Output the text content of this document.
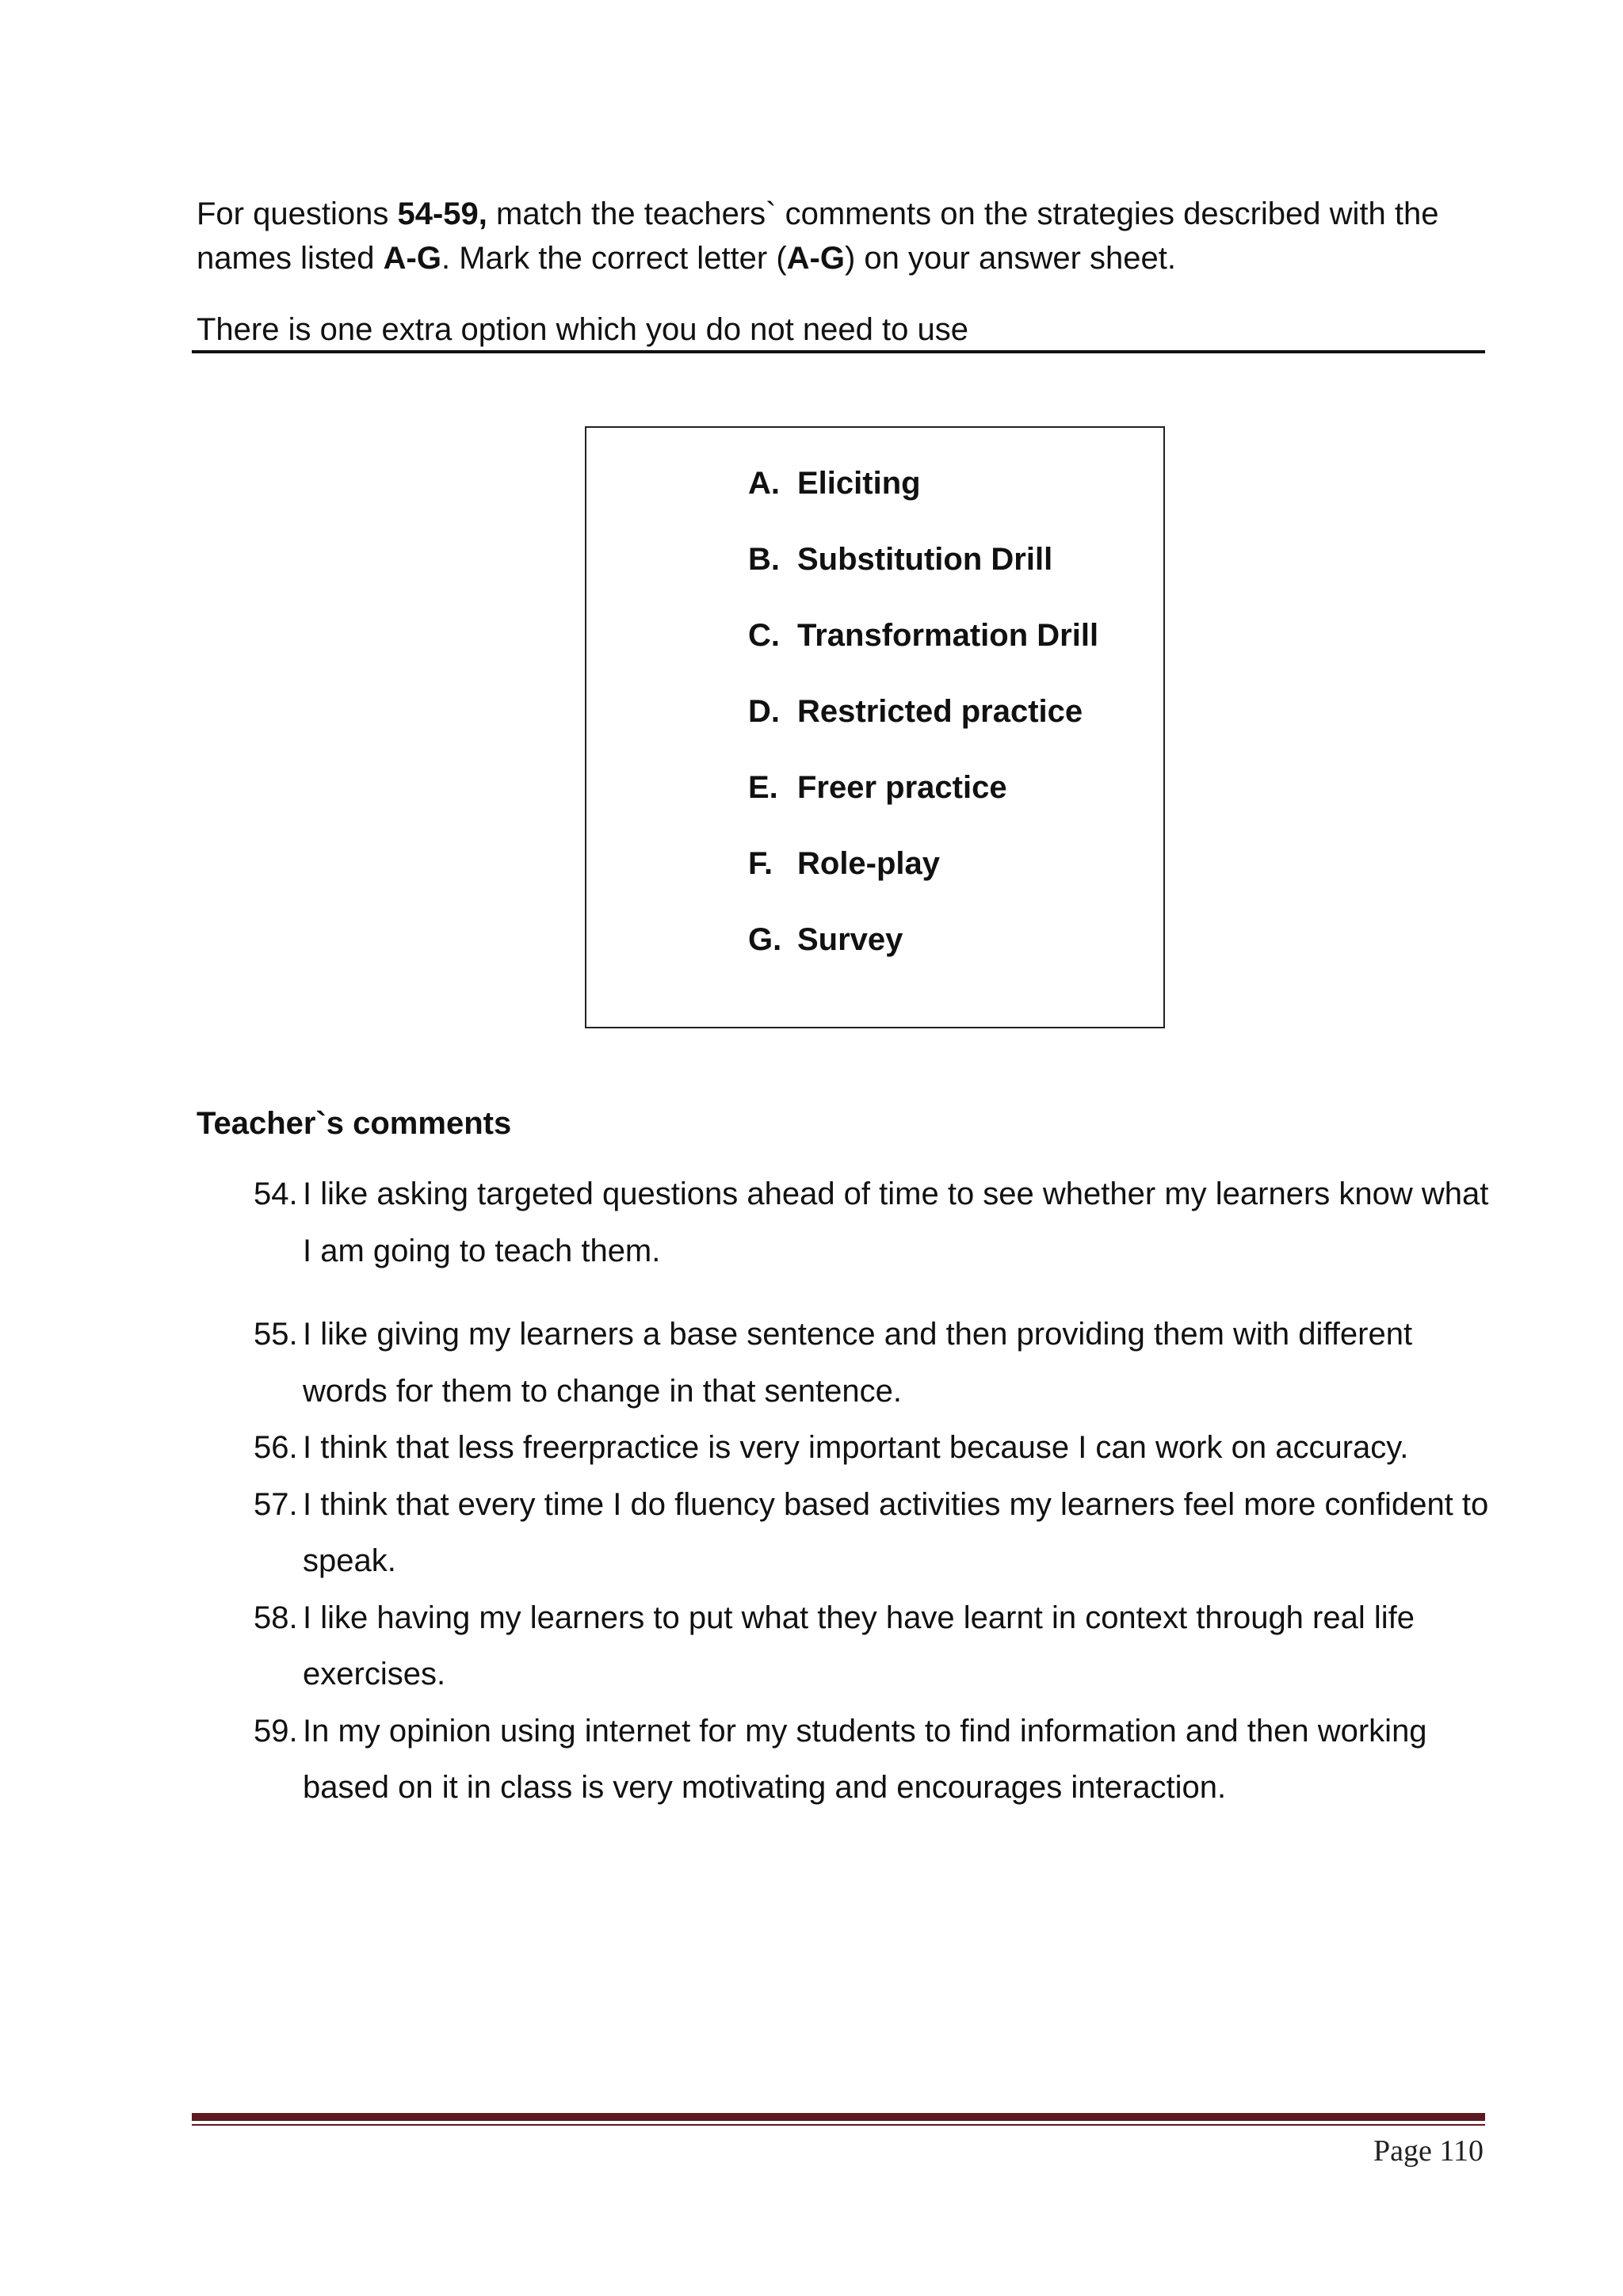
For questions 54-59, match the teachers` comments on the strategies described with the names listed A-G. Mark the correct letter (A-G) on your answer sheet.

There is one extra option which you do not need to use

A. Eliciting
B. Substitution Drill
C. Transformation Drill
D. Restricted practice
E. Freer practice
F. Role-play
G. Survey
Teacher`s comments
54. I like asking targeted questions ahead of time to see whether my learners know what I am going to teach them.
55. I like giving my learners a base sentence and then providing them with different words for them to change in that sentence.
56. I think that less freerpractice is very important because I can work on accuracy.
57. I think that every time I do fluency based activities my learners feel more confident to speak.
58. I like having my learners to put what they have learnt in context through real life exercises.
59. In my opinion using internet for my students to find information and then working based on it in class is very motivating and encourages interaction.
Page 110
